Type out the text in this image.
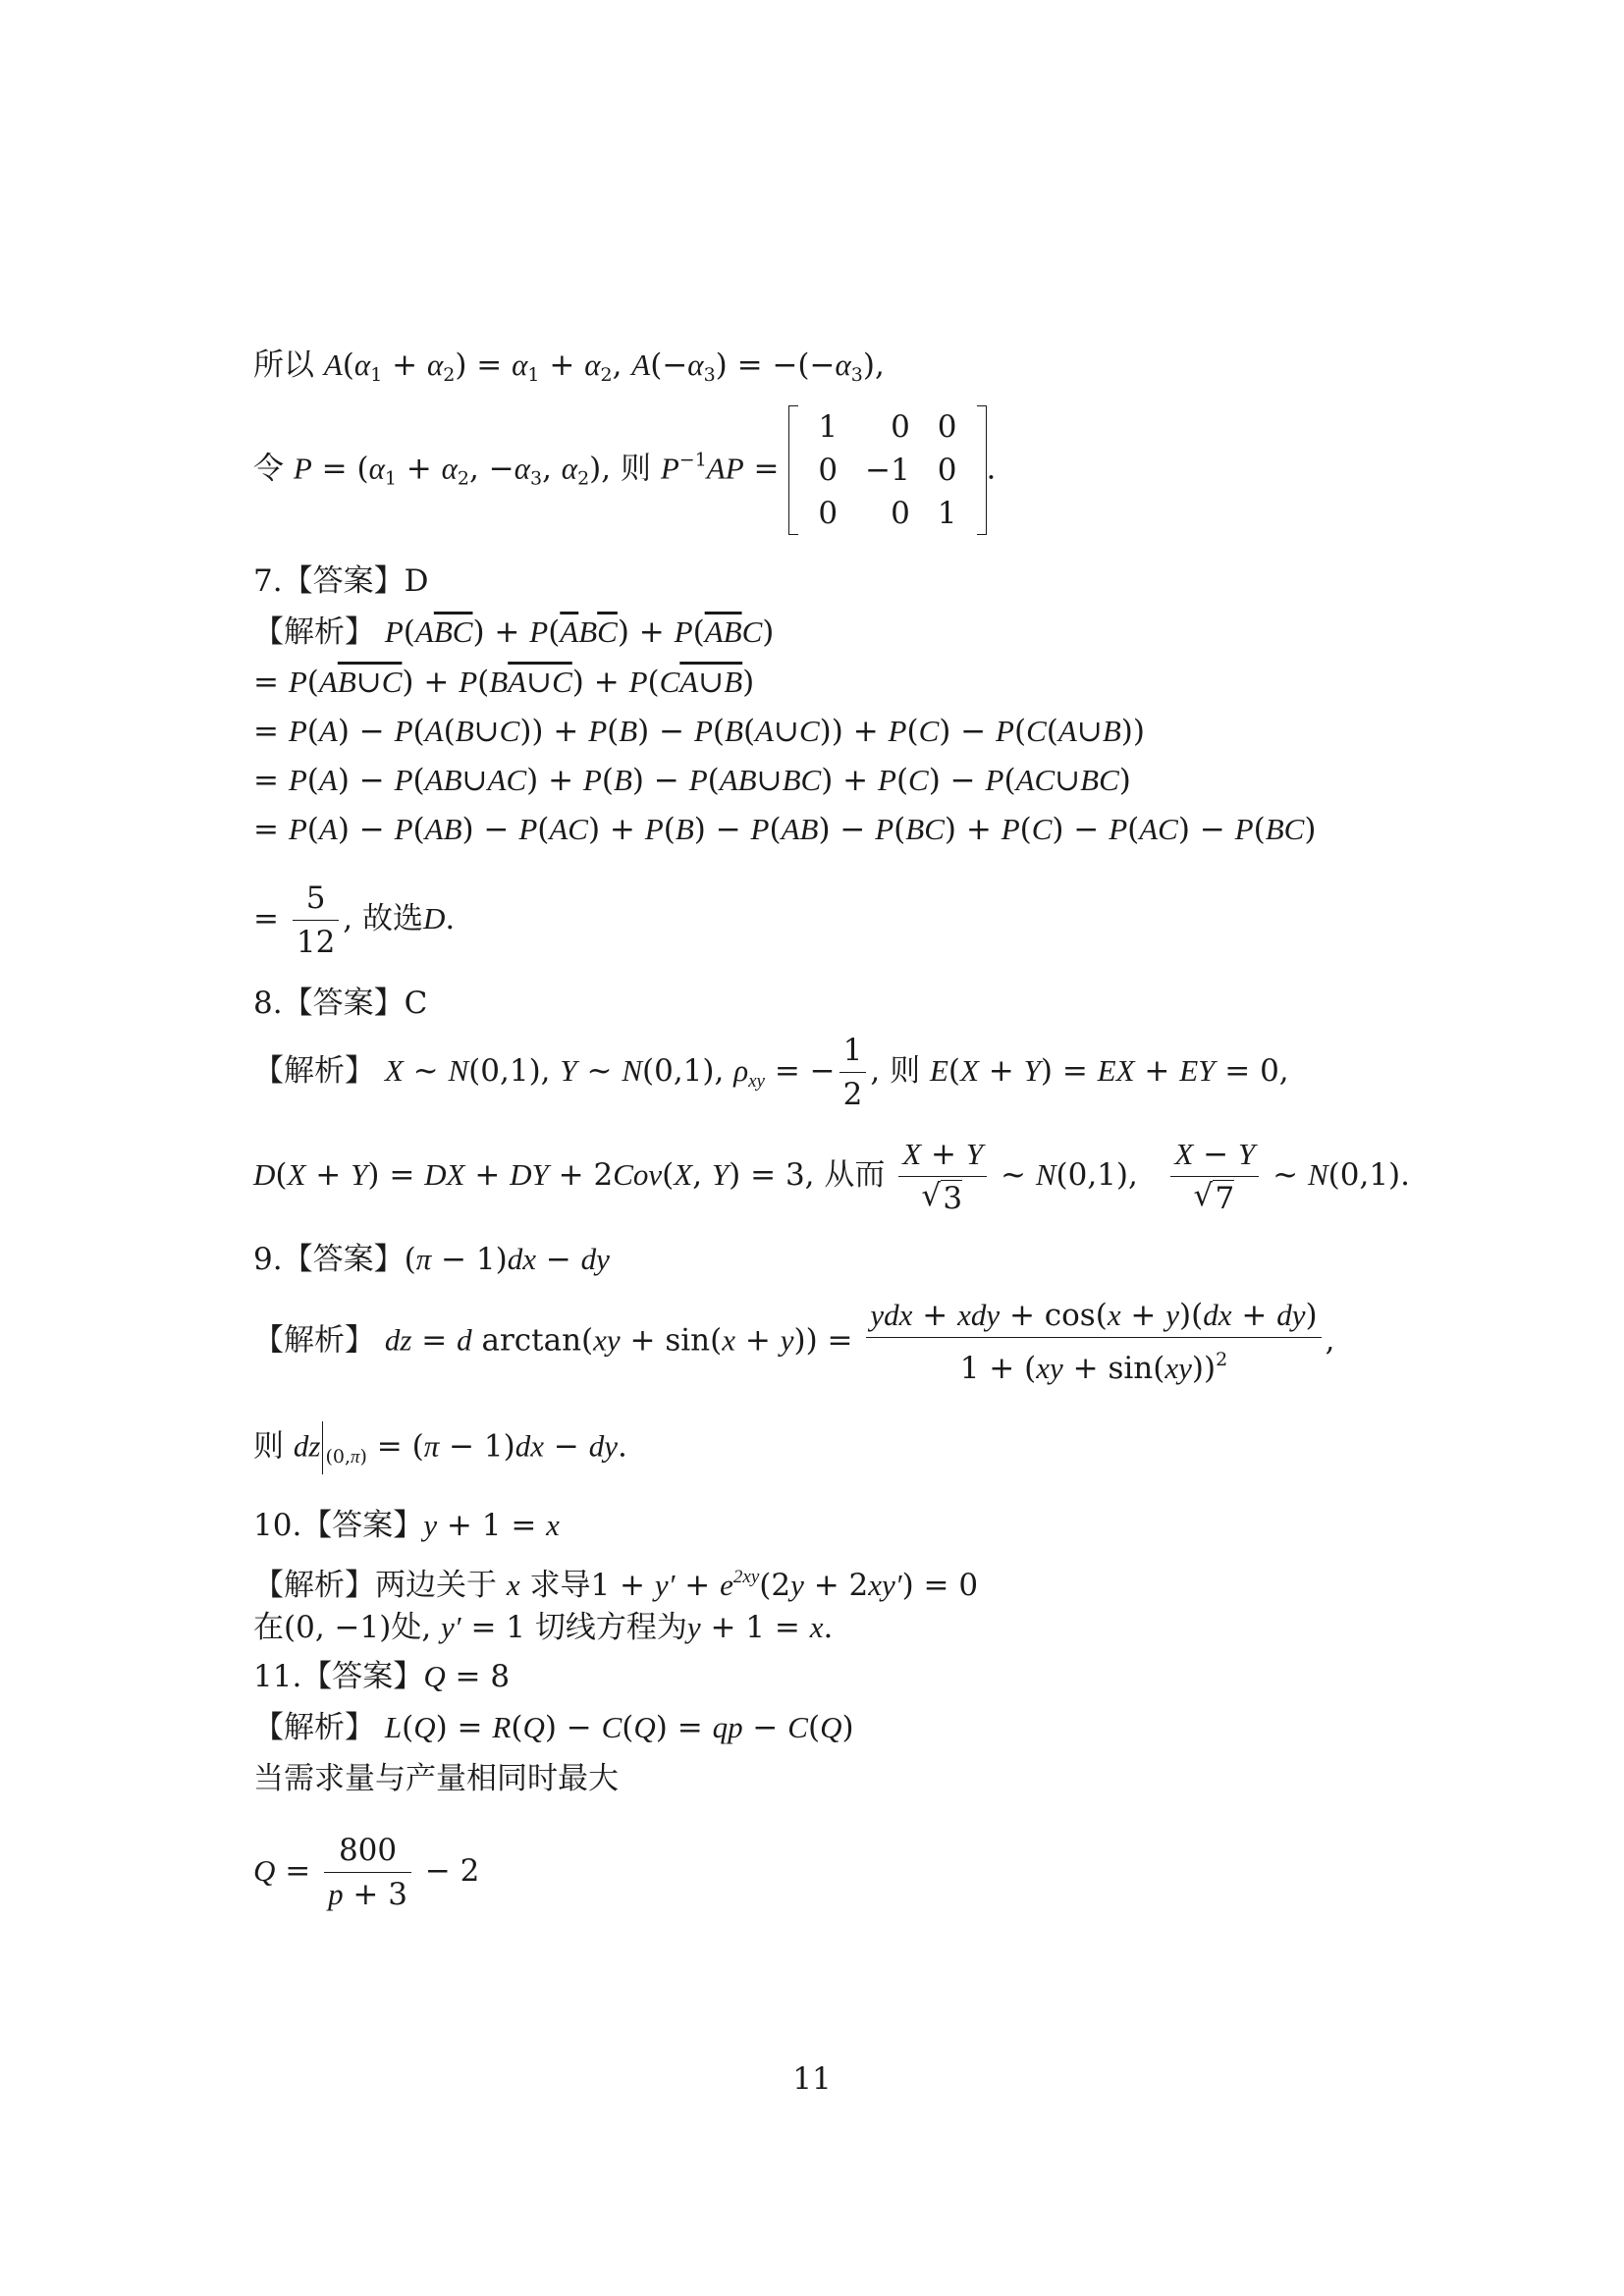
所以 $A(\alpha_1 + \alpha_2) = \alpha_1 + \alpha_2$, $A(-\alpha_3) = -(-\alpha_3)$,
令 $P = (\alpha_1 + \alpha_2$, $-\alpha_3$, $\alpha_2$), 则 $P^{-1}AP$ =
1	0	0
0	−1	0
0	0	1
.
7.【答案】D
【解析】 $P(A\overline{BC}) + P(\overline{A}B\overline{C}) + P(\overline{AB}C)$
= P(AB∪C) + P(BA∪C) + P(CA∪B)
= P(A) − P(A(B∪C)) + P(B) − P(B(A∪C)) + P(C) − P(C(A∪B))
= P(A) − P(AB∪AC) + P(B) − P(AB∪BC) + P(C) − P(AC∪BC)
= P(A) − P(AB) − P(AC) + P(B) − P(AB) − P(BC) + P(C) − P(AC) − P(BC)
= $\frac{5}{12}$ , 故选D.
8.【答案】C
【解析】 X ~ N(0,1), Y ~ N(0,1), $\rho_{xy}$ = − $\frac{1}{2}$ , 则 E(X + Y) = EX + EY = 0,
D(X + Y) = DX + DY + 2Cov(X, Y) = 3, 从而 X + Y
√ 3 ~ N(0,1), X − Y
√ 7 ~ N(0,1).
9.【答案】(π − 1)dx − dy
【解析】 dz = d $\arctan(xy + \sin(x + y)) = \frac{\text{ydx + xdy + cos(x + y)(dx + dy)}}{1 + (xy + \sin(xy))^2}$ ,
则 dz $_{(0,\pi)}$ = (π − 1)dx − dy.
10.【答案】y + 1 = x
【解析】两边关于 x 求导$1 + y' + e^{2xy}(2y + 2xy') = 0$
在(0, −1)处, y′ = 1 切线方程为y + 1 = x.
11.【答案】Q = 8
【解析】 L(Q) = R(Q) − C(Q) = qp − C(Q)
当需求量与产量相同时最大
$Q = \frac{800}{p + 3} - 2$
11
